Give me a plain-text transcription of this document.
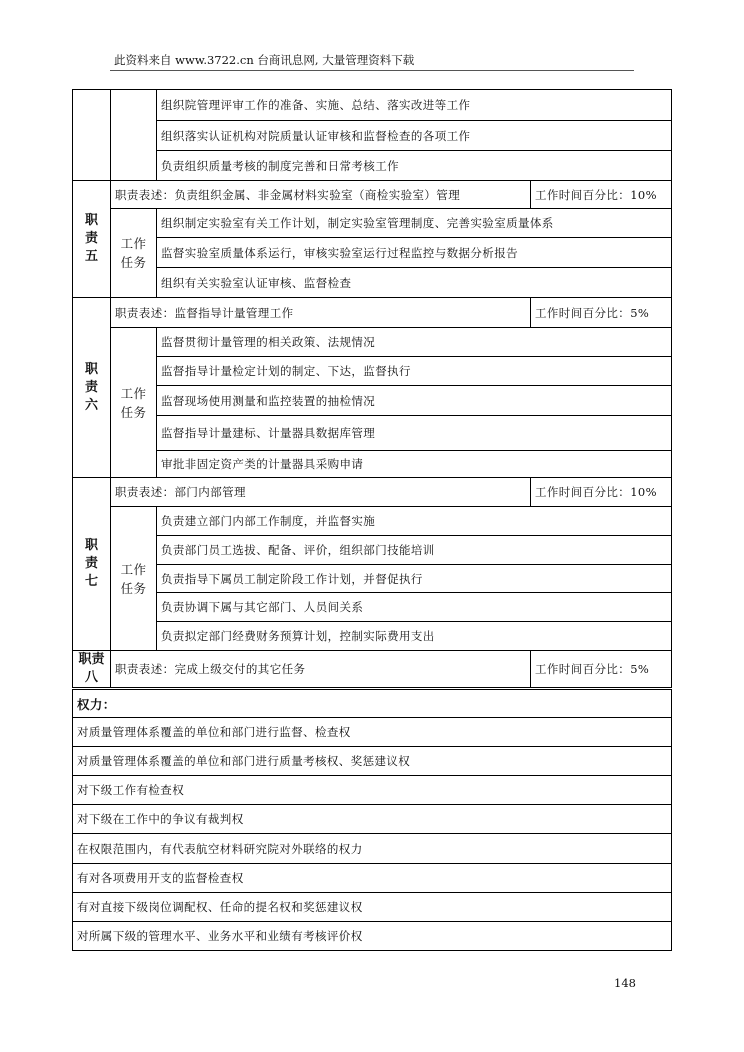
此资料来自 www.3722.cn 台商讯息网, 大量管理资料下载
		组织院管理评审工作的准备、实施、总结、落实改进等工作	
		组织落实认证机构对院质量认证审核和监督检查的各项工作	
		负责组织质量考核的制度完善和日常考核工作	

职
责
五	职责表述：负责组织金属、非金属材料实验室（商检实验室）管理		工作时间百分比：10%
	工作
任务	组织制定实验室有关工作计划，制定实验室管理制度、完善实验室质量体系	
		监督实验室质量体系运行，审核实验室运行过程监控与数据分析报告	
		组织有关实验室认证审核、监督检查	

职
责
六	职责表述：监督指导计量管理工作		工作时间百分比：5%
	工作
任务	监督贯彻计量管理的相关政策、法规情况	
		监督指导计量检定计划的制定、下达，监督执行	
		监督现场使用测量和监控装置的抽检情况	
		监督指导计量建标、计量器具数据库管理	
		审批非固定资产类的计量器具采购申请	

职
责
七	职责表述：部门内部管理		工作时间百分比：10%
	工作
任务	负责建立部门内部工作制度，并监督实施	
		负责部门员工选拔、配备、评价，组织部门技能培训	
		负责指导下属员工制定阶段工作计划，并督促执行	
		负责协调下属与其它部门、人员间关系	
		负责拟定部门经费财务预算计划，控制实际费用支出	

职责
八	职责表述：完成上级交付的其它任务		工作时间百分比：5%
权力：			
对质量管理体系覆盖的单位和部门进行监督、检查权			
对质量管理体系覆盖的单位和部门进行质量考核权、奖惩建议权			
对下级工作有检查权			
对下级在工作中的争议有裁判权			
在权限范围内，有代表航空材料研究院对外联络的权力			
有对各项费用开支的监督检查权			
有对直接下级岗位调配权、任命的提名权和奖惩建议权			
对所属下级的管理水平、业务水平和业绩有考核评价权			
148
